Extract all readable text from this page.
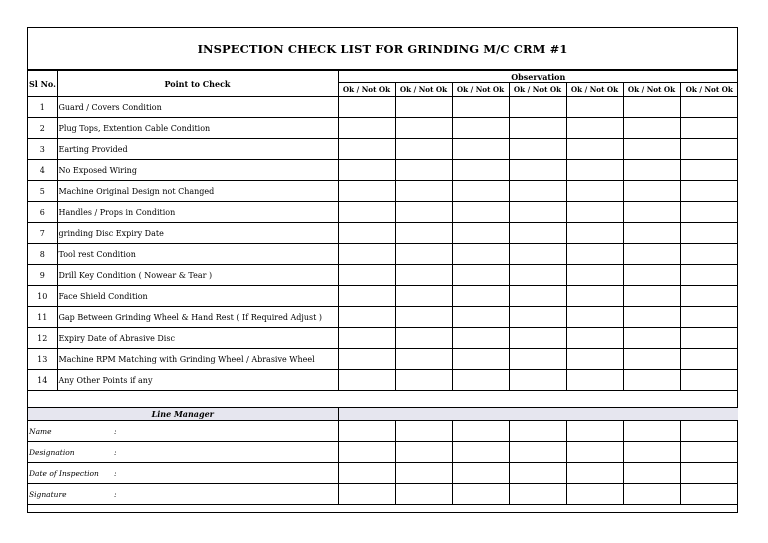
INSPECTION CHECK LIST FOR GRINDING M/C CRM #1
Sl No.	Point to Check	Observation						
		Ok / Not Ok	Ok / Not Ok	Ok / Not Ok	Ok / Not Ok	Ok / Not Ok	Ok / Not Ok	Ok / Not Ok
1	Guard / Covers Condition							
2	Plug Tops, Extention Cable Condition							
3	Earting Provided							
4	No Exposed Wiring							
5	Machine Original Design not Changed							
6	Handles / Props in Condition							
7	grinding Disc Expiry Date							
8	Tool rest Condition							
9	Drill Key Condition ( Nowear & Tear )							
10	Face Shield Condition							
11	Gap Between Grinding Wheel & Hand Rest ( If Required Adjust )							
12	Expiry Date of Abrasive Disc							
13	Machine RPM Matching with Grinding Wheel / Abrasive Wheel							
14	Any Other Points if any							

Line Manager								
Name :								

Designation :								

Date of Inspection :								

Signature :								
